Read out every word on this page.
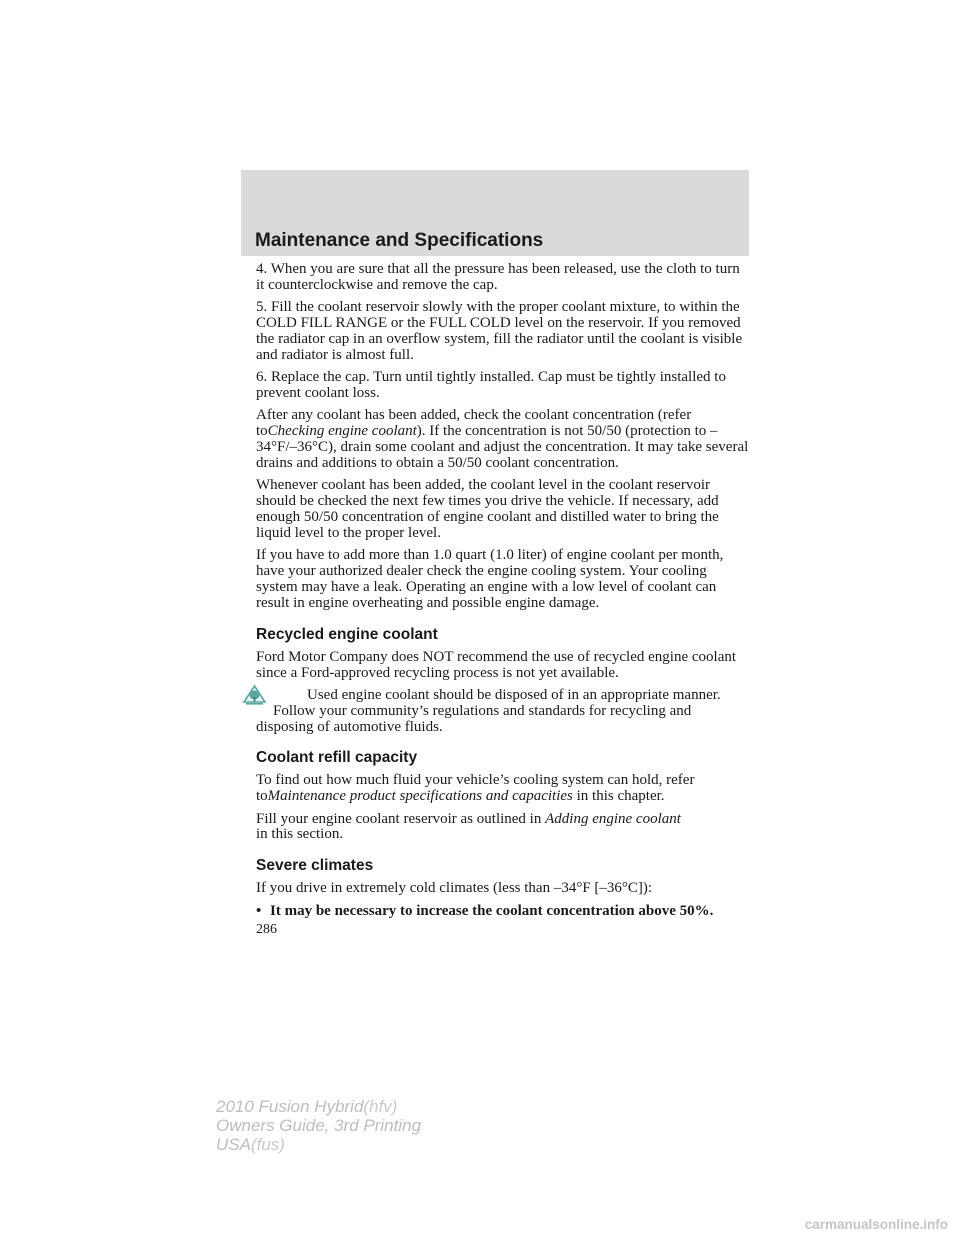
Maintenance and Specifications

4. When you are sure that all the pressure has been released, use the cloth to turn it counterclockwise and remove the cap.

5. Fill the coolant reservoir slowly with the proper coolant mixture, to within the COLD FILL RANGE or the FULL COLD level on the reservoir. If you removed the radiator cap in an overflow system, fill the radiator until the coolant is visible and radiator is almost full.

6. Replace the cap. Turn until tightly installed. Cap must be tightly installed to prevent coolant loss.

After any coolant has been added, check the coolant concentration (refer toChecking engine coolant). If the concentration is not 50/50 (protection to –34°F/–36°C), drain some coolant and adjust the concentration. It may take several drains and additions to obtain a 50/50 coolant concentration.

Whenever coolant has been added, the coolant level in the coolant reservoir should be checked the next few times you drive the vehicle. If necessary, add enough 50/50 concentration of engine coolant and distilled water to bring the liquid level to the proper level.

If you have to add more than 1.0 quart (1.0 liter) of engine coolant per month, have your authorized dealer check the engine cooling system. Your cooling system may have a leak. Operating an engine with a low level of coolant can result in engine overheating and possible engine damage.

Recycled engine coolant

Ford Motor Company does NOT recommend the use of recycled engine coolant since a Ford-approved recycling process is not yet available.

Used engine coolant should be disposed of in an appropriate manner. Follow your community’s regulations and standards for recycling and disposing of automotive fluids.

Coolant refill capacity

To find out how much fluid your vehicle’s cooling system can hold, refer toMaintenance product specifications and capacities in this chapter.

Fill your engine coolant reservoir as outlined in Adding engine coolant
in this section.

Severe climates

If you drive in extremely cold climates (less than –34°F [–36°C]):

• It may be necessary to increase the coolant concentration above 50%.
286
2010 Fusion Hybrid(hfv)
Owners Guide, 3rd Printing
USA(fus)
carmanualsonline.info
